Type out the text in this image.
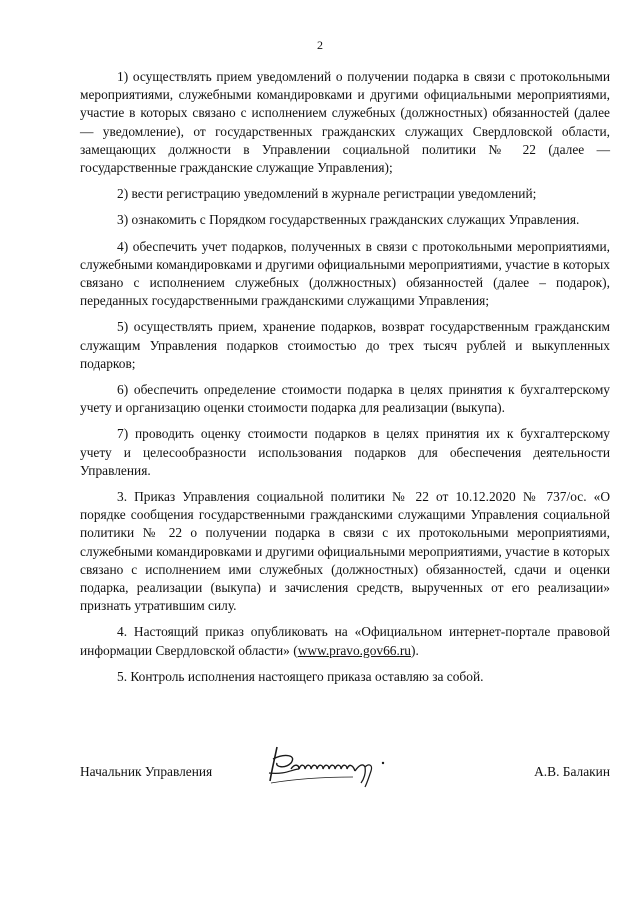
2

1) осуществлять прием уведомлений о получении подарка в связи с протокольными мероприятиями, служебными командировками и другими официальными мероприятиями, участие в которых связано с исполнением служебных (должностных) обязанностей (далее — уведомление), от государственных гражданских служащих Свердловской области, замещающих должности в Управлении социальной политики № 22 (далее — государственные гражданские служащие Управления);

2) вести регистрацию уведомлений в журнале регистрации уведомлений;

3) ознакомить с Порядком государственных гражданских служащих Управления.

4) обеспечить учет подарков, полученных в связи с протокольными мероприятиями, служебными командировками и другими официальными мероприятиями, участие в которых связано с исполнением служебных (должностных) обязанностей (далее – подарок), переданных государственными гражданскими служащими Управления;

5) осуществлять прием, хранение подарков, возврат государственным гражданским служащим Управления подарков стоимостью до трех тысяч рублей и выкупленных подарков;

6) обеспечить определение стоимости подарка в целях принятия к бухгалтерскому учету и организацию оценки стоимости подарка для реализации (выкупа).

7) проводить оценку стоимости подарков в целях принятия их к бухгалтерскому учету и целесообразности использования подарков для обеспечения деятельности Управления.

3. Приказ Управления социальной политики № 22 от 10.12.2020 № 737/ос. «О порядке сообщения государственными гражданскими служащими Управления социальной политики № 22 о получении подарка в связи с их протокольными мероприятиями, служебными командировками и другими официальными мероприятиями, участие в которых связано с исполнением ими служебных (должностных) обязанностей, сдачи и оценки подарка, реализации (выкупа) и зачисления средств, вырученных от его реализации» признать утратившим силу.

4. Настоящий приказ опубликовать на «Официальном интернет-портале правовой информации Свердловской области» (www.pravo.gov66.ru).

5. Контроль исполнения настоящего приказа оставляю за собой.

Начальник Управления	А.В. Балакин
